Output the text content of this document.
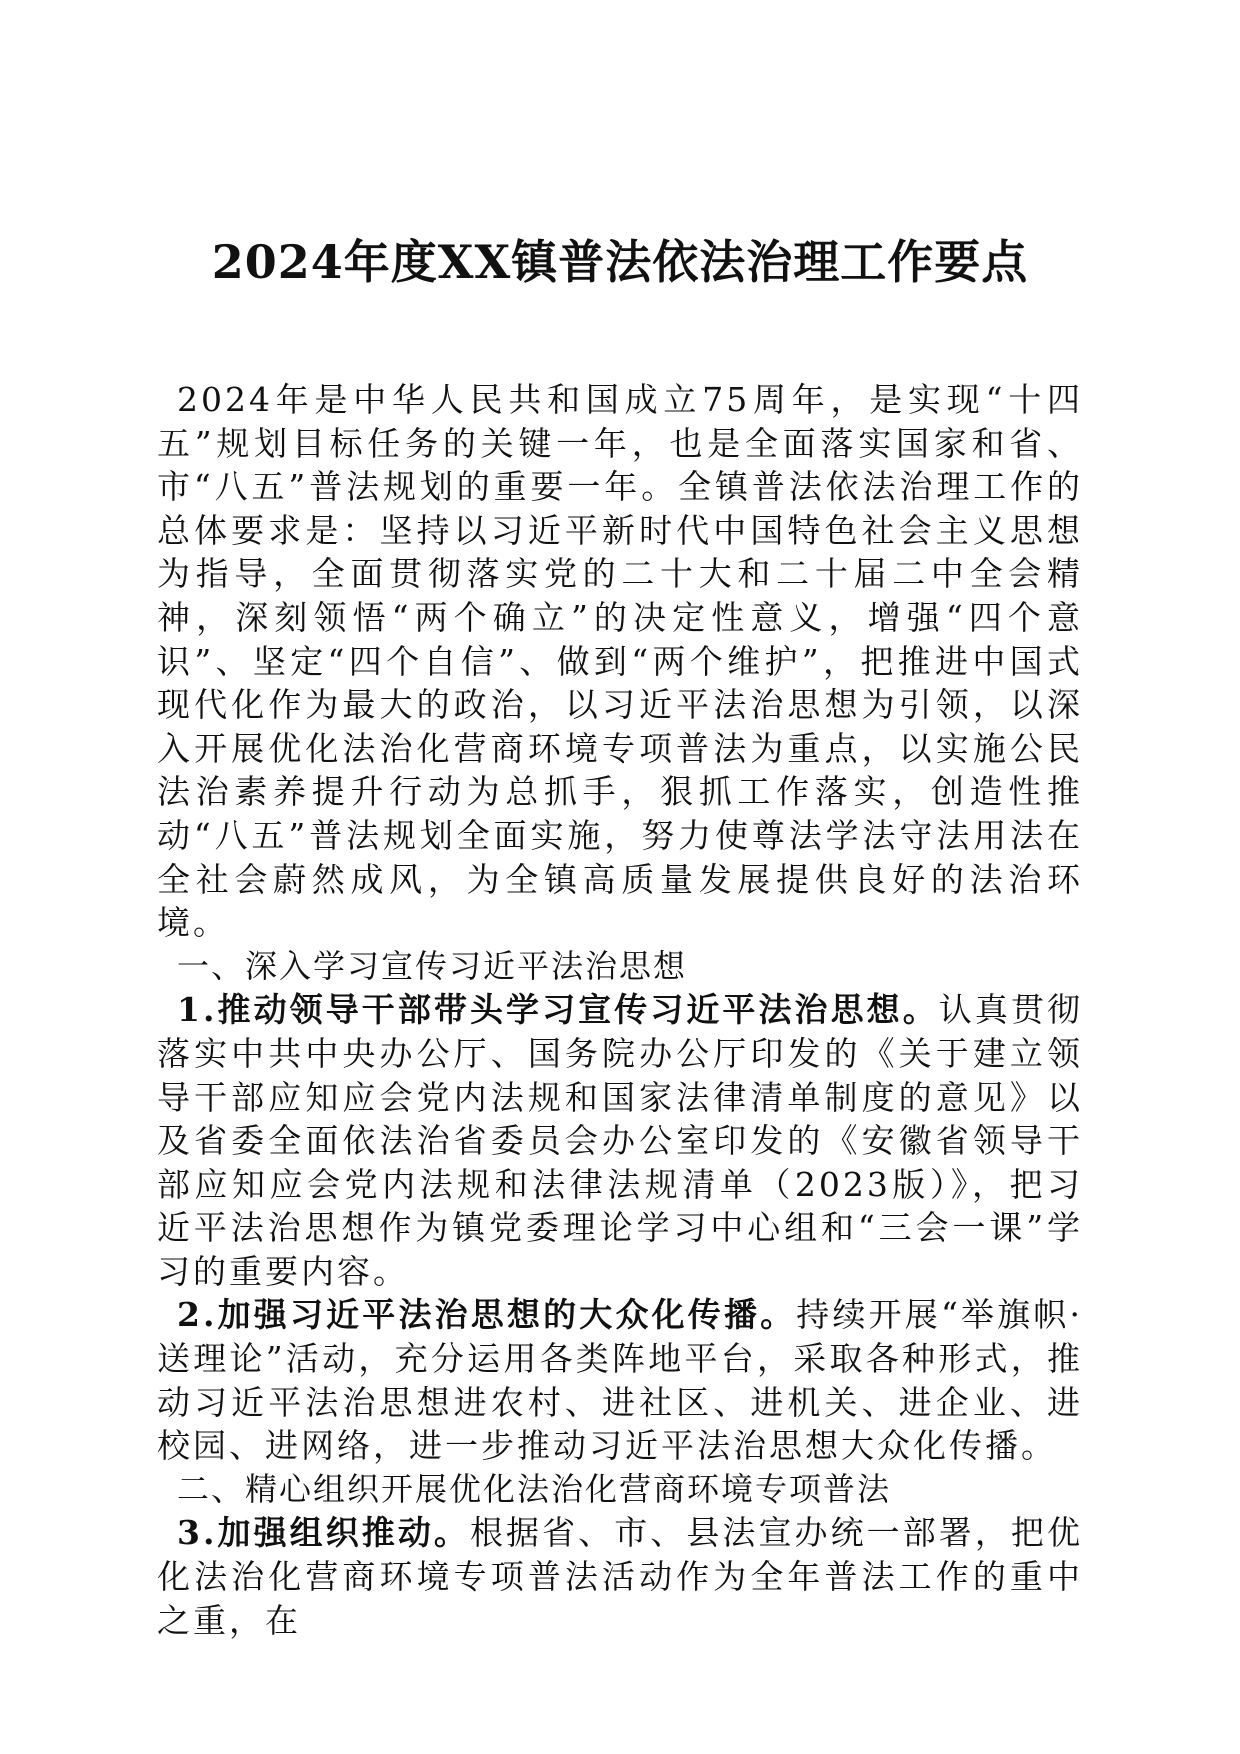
2024年度XX镇普法依法治理工作要点

2024年是中华人民共和国成立75周年，是实现“十四五”规划目标任务的关键一年，也是全面落实国家和省、市“八五”普法规划的重要一年。全镇普法依法治理工作的总体要求是：坚持以习近平新时代中国特色社会主义思想为指导，全面贯彻落实党的二十大和二十届二中全会精神，深刻领悟“两个确立”的决定性意义，增强“四个意识”、坚定“四个自信”、做到“两个维护”，把推进中国式现代化作为最大的政治，以习近平法治思想为引领，以深入开展优化法治化营商环境专项普法为重点，以实施公民法治素养提升行动为总抓手，狠抓工作落实，创造性推动“八五”普法规划全面实施，努力使尊法学法守法用法在全社会蔚然成风，为全镇高质量发展提供良好的法治环境。

一、深入学习宣传习近平法治思想

1.推动领导干部带头学习宣传习近平法治思想。认真贯彻落实中共中央办公厅、国务院办公厅印发的《关于建立领导干部应知应会党内法规和国家法律清单制度的意见》以及省委全面依法治省委员会办公室印发的《安徽省领导干部应知应会党内法规和法律法规清单（2023版）》，把习近平法治思想作为镇党委理论学习中心组和“三会一课”学习的重要内容。

2.加强习近平法治思想的大众化传播。持续开展“举旗帜·送理论”活动，充分运用各类阵地平台，采取各种形式，推动习近平法治思想进农村、进社区、进机关、进企业、进校园、进网络，进一步推动习近平法治思想大众化传播。

二、精心组织开展优化法治化营商环境专项普法

3.加强组织推动。根据省、市、县法宣办统一部署，把优化法治化营商环境专项普法活动作为全年普法工作的重中之重，在
